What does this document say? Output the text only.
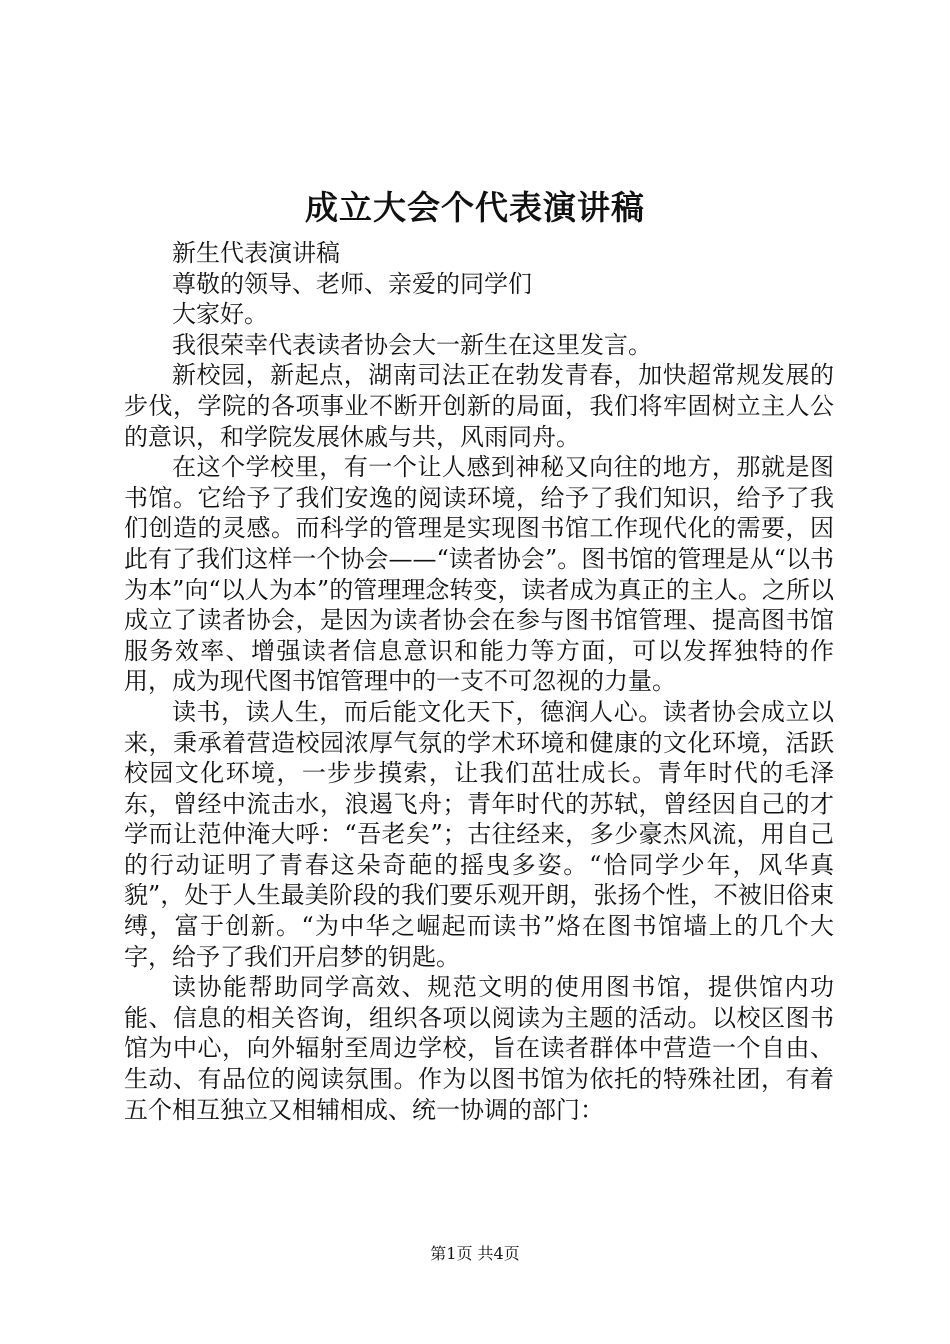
成立大会个代表演讲稿

新生代表演讲稿

尊敬的领导、老师、亲爱的同学们

大家好。

我很荣幸代表读者协会大一新生在这里发言。

新校园，新起点，湖南司法正在勃发青春，加快超常规发展的步伐，学院的各项事业不断开创新的局面，我们将牢固树立主人公的意识，和学院发展休戚与共，风雨同舟。

在这个学校里，有一个让人感到神秘又向往的地方，那就是图书馆。它给予了我们安逸的阅读环境，给予了我们知识，给予了我们创造的灵感。而科学的管理是实现图书馆工作现代化的需要，因此有了我们这样一个协会——“读者协会”。图书馆的管理是从“以书为本”向“以人为本”的管理理念转变，读者成为真正的主人。之所以成立了读者协会，是因为读者协会在参与图书馆管理、提高图书馆服务效率、增强读者信息意识和能力等方面，可以发挥独特的作用，成为现代图书馆管理中的一支不可忽视的力量。

读书，读人生，而后能文化天下，德润人心。读者协会成立以来，秉承着营造校园浓厚气氛的学术环境和健康的文化环境，活跃校园文化环境，一步步摸索，让我们茁壮成长。青年时代的毛泽东，曾经中流击水，浪遏飞舟；青年时代的苏轼，曾经因自己的才学而让范仲淹大呼：“吾老矣”；古往经来，多少豪杰风流，用自己的行动证明了青春这朵奇葩的摇曳多姿。“恰同学少年，风华真貌”，处于人生最美阶段的我们要乐观开朗，张扬个性，不被旧俗束缚，富于创新。“为中华之崛起而读书”烙在图书馆墙上的几个大字，给予了我们开启梦的钥匙。

读协能帮助同学高效、规范文明的使用图书馆，提供馆内功能、信息的相关咨询，组织各项以阅读为主题的活动。以校区图书馆为中心，向外辐射至周边学校，旨在读者群体中营造一个自由、生动、有品位的阅读氛围。作为以图书馆为依托的特殊社团，有着五个相互独立又相辅相成、统一协调的部门：

第1页 共4页
